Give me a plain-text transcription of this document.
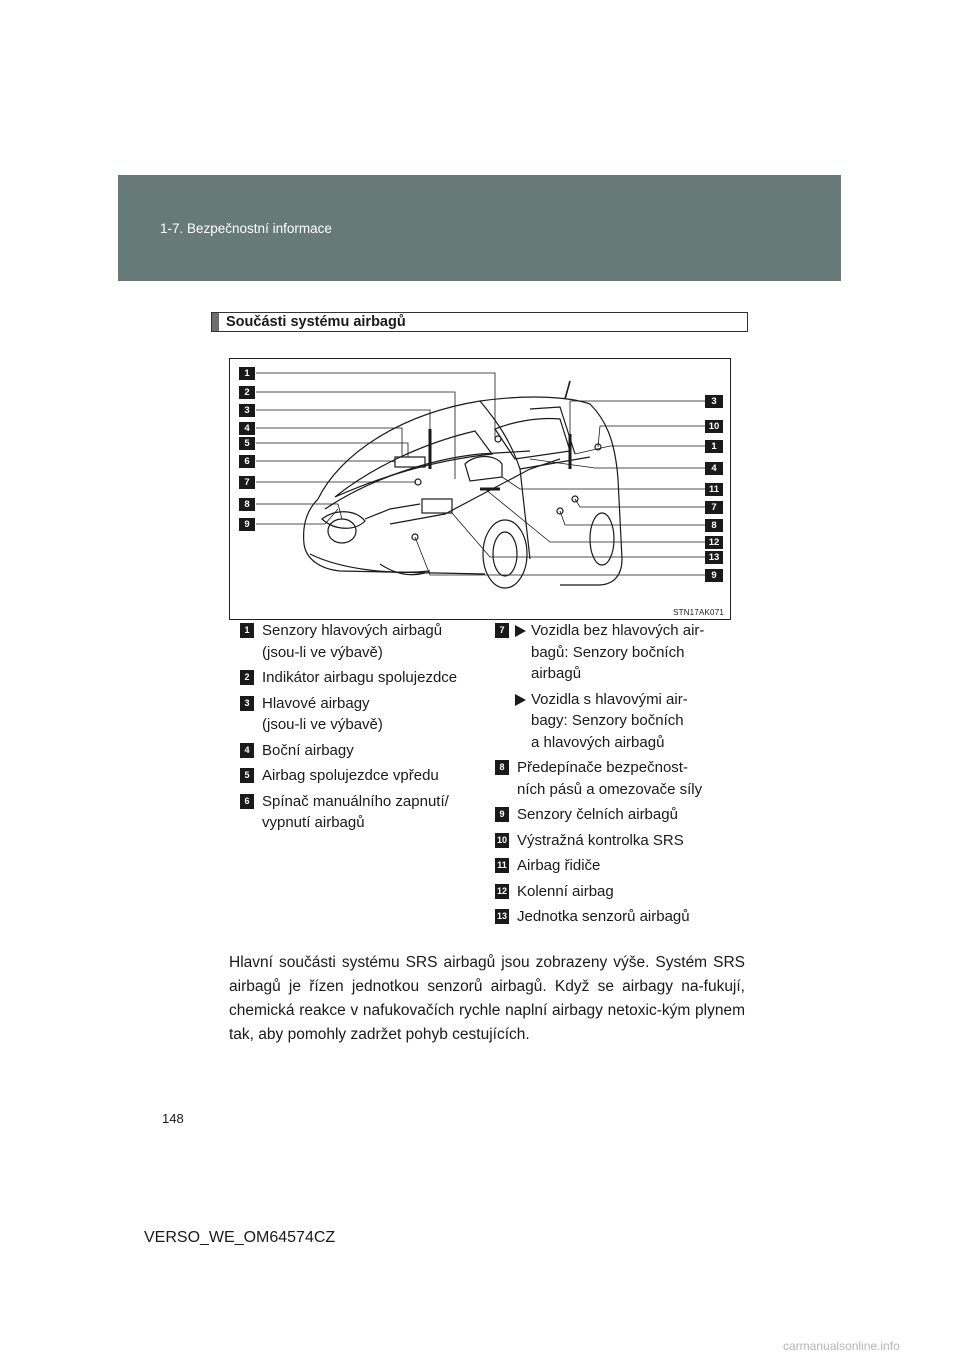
1-7. Bezpečnostní informace
Součásti systému airbagů
1
2
3
4
5
6
7
8
9
3
10
1
4
11
7
8
12
13
9
STN17AK071
1 Senzory hlavových airbagů
(jsou-li ve výbavě)
2 Indikátor airbagu spolujezdce
3 Hlavové airbagy
(jsou-li ve výbavě)
4 Boční airbagy
5 Airbag spolujezdce vpředu
6 Spínač manuálního zapnutí/
vypnutí airbagů
7	Vozidla bez hlavových air-
bagů: Senzory bočních
airbagů
Vozidla s hlavovými air-
bagy: Senzory bočních
a hlavových airbagů
8 Předepínače bezpečnost-
ních pásů a omezovače síly
9 Senzory čelních airbagů
10 Výstražná kontrolka SRS
11 Airbag řidiče
12 Kolenní airbag
13 Jednotka senzorů airbagů
Hlavní součásti systému SRS airbagů jsou zobrazeny výše. Systém SRS airbagů je řízen jednotkou senzorů airbagů. Když se airbagy na-fukují, chemická reakce v nafukovačích rychle naplní airbagy netoxic-kým plynem tak, aby pomohly zadržet pohyb cestujících.
148
VERSO_WE_OM64574CZ
carmanualsonline.info
